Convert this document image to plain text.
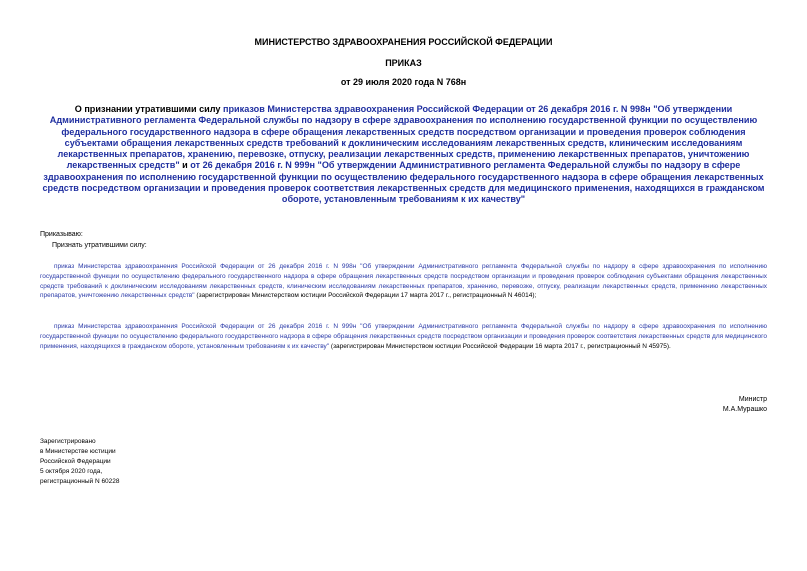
МИНИСТЕРСТВО ЗДРАВООХРАНЕНИЯ РОССИЙСКОЙ ФЕДЕРАЦИИ
ПРИКАЗ
от 29 июля 2020 года N 768н
О признании утратившими силу приказов Министерства здравоохранения Российской Федерации от 26 декабря 2016 г. N 998н "Об утверждении Административного регламента Федеральной службы по надзору в сфере здравоохранения по исполнению государственной функции по осуществлению федерального государственного надзора в сфере обращения лекарственных средств посредством организации и проведения проверок соблюдения субъектами обращения лекарственных средств требований к доклиническим исследованиям лекарственных средств, клиническим исследованиям лекарственных препаратов, хранению, перевозке, отпуску, реализации лекарственных средств, применению лекарственных препаратов, уничтожению лекарственных средств" и от 26 декабря 2016 г. N 999н "Об утверждении Административного регламента Федеральной службы по надзору в сфере здравоохранения по исполнению государственной функции по осуществлению федерального государственного надзора в сфере обращения лекарственных средств посредством организации и проведения проверок соответствия лекарственных средств для медицинского применения, находящихся в гражданском обороте, установленным требованиям к их качеству"
Приказываю:
Признать утратившими силу:
приказ Министерства здравоохранения Российской Федерации от 26 декабря 2016 г. N 998н "Об утверждении Административного регламента Федеральной службы по надзору в сфере здравоохранения по исполнению государственной функции по осуществлению федерального государственного надзора в сфере обращения лекарственных средств посредством организации и проведения проверок соблюдения субъектами обращения лекарственных средств требований к доклиническим исследованиям лекарственных средств, клиническим исследованиям лекарственных препаратов, хранению, перевозке, отпуску, реализации лекарственных средств, применению лекарственных препаратов, уничтожению лекарственных средств" (зарегистрирован Министерством юстиции Российской Федерации 17 марта 2017 г., регистрационный N 46014);
приказ Министерства здравоохранения Российской Федерации от 26 декабря 2016 г. N 999н "Об утверждении Административного регламента Федеральной службы по надзору в сфере здравоохранения по исполнению государственной функции по осуществлению федерального государственного надзора в сфере обращения лекарственных средств посредством организации и проведения проверок соответствия лекарственных средств для медицинского применения, находящихся в гражданском обороте, установленным требованиям к их качеству" (зарегистрирован Министерством юстиции Российской Федерации 16 марта 2017 г., регистрационный N 45975).
Министр
М.А.Мурашко
Зарегистрировано
в Министерстве юстиции
Российской Федерации
5 октября 2020 года,
регистрационный N 60228
